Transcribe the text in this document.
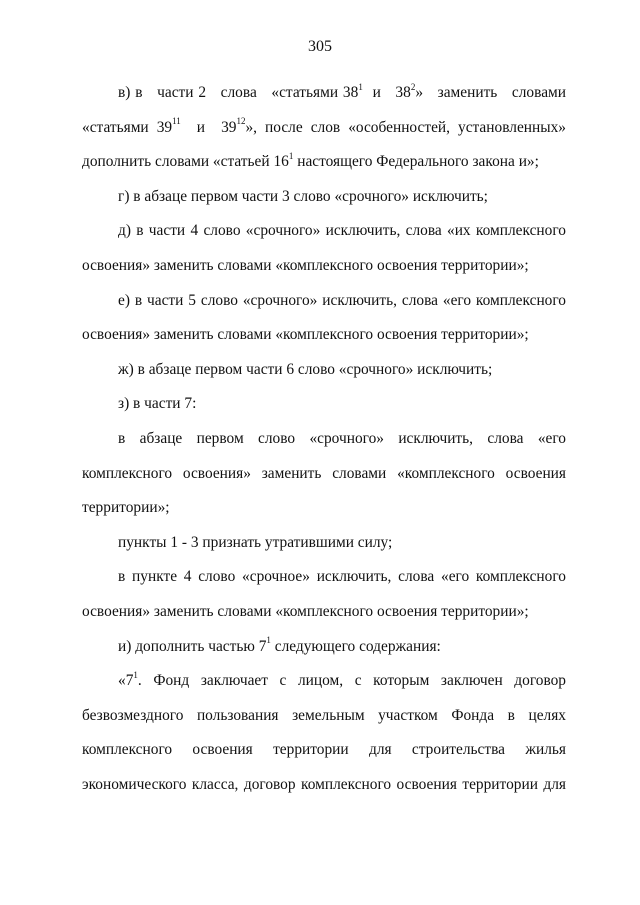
305

в) в   части 2   слова   «статьями $38^1$  и   $38^2$»   заменить   словами «статьями $39^{11}$  и  $39^{12}$», после слов «особенностей, установленных» дополнить словами «статьей $16^1$ настоящего Федерального закона и»;

г) в абзаце первом части 3 слово «срочного» исключить;

д) в части 4 слово «срочного» исключить, слова «их комплексного освоения» заменить словами «комплексного освоения территории»;

е) в части 5 слово «срочного» исключить, слова «его комплексного освоения» заменить словами «комплексного освоения территории»;

ж) в абзаце первом части 6 слово «срочного» исключить;

з) в части 7:

в абзаце первом слово «срочного» исключить, слова «его комплексного освоения» заменить словами «комплексного освоения территории»;

пункты 1 - 3 признать утратившими силу;

в пункте 4 слово «срочное» исключить, слова «его комплексного освоения» заменить словами «комплексного освоения территории»;

и) дополнить частью $7^1$ следующего содержания:

«$7^1$. Фонд заключает с лицом, с которым заключен договор безвозмездного пользования земельным участком Фонда в целях комплексного освоения территории для строительства жилья экономического класса, договор комплексного освоения территории для
